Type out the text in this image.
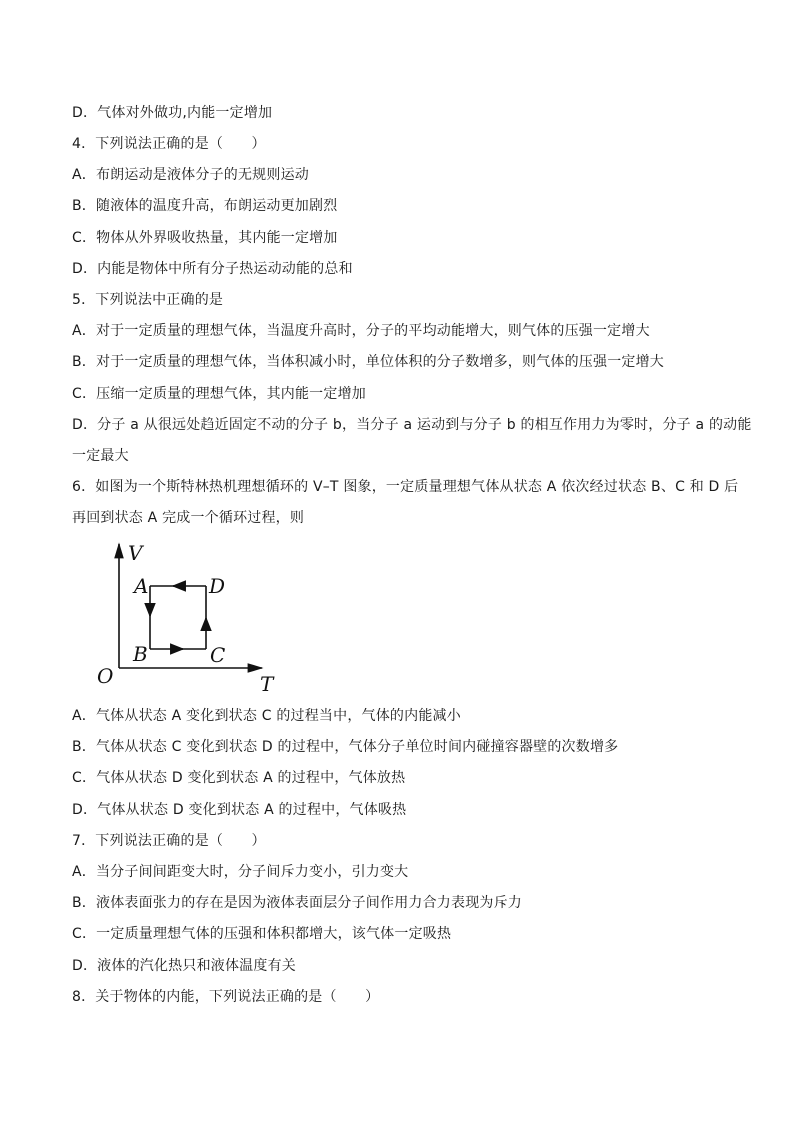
D．气体对外做功,内能一定增加
4．下列说法正确的是（　　）
A．布朗运动是液体分子的无规则运动
B．随液体的温度升高，布朗运动更加剧烈
C．物体从外界吸收热量，其内能一定增加
D．内能是物体中所有分子热运动动能的总和
5．下列说法中正确的是
A．对于一定质量的理想气体，当温度升高时，分子的平均动能增大，则气体的压强一定增大
B．对于一定质量的理想气体，当体积减小时，单位体积的分子数增多，则气体的压强一定增大
C．压缩一定质量的理想气体，其内能一定增加
D．分子 a 从很远处趋近固定不动的分子 b，当分子 a 运动到与分子 b 的相互作用力为零时，分子 a 的动能
一定最大
6．如图为一个斯特林热机理想循环的 V–T 图象，一定质量理想气体从状态 A 依次经过状态 B、C 和 D 后
再回到状态 A 完成一个循环过程，则
V
T
O
A
B	C
D
A．气体从状态 A 变化到状态 C 的过程当中，气体的内能减小
B．气体从状态 C 变化到状态 D 的过程中，气体分子单位时间内碰撞容器壁的次数增多
C．气体从状态 D 变化到状态 A 的过程中，气体放热
D．气体从状态 D 变化到状态 A 的过程中，气体吸热
7．下列说法正确的是（　　）
A．当分子间间距变大时，分子间斥力变小，引力变大
B．液体表面张力的存在是因为液体表面层分子间作用力合力表现为斥力
C．一定质量理想气体的压强和体积都增大，该气体一定吸热
D．液体的汽化热只和液体温度有关
8．关于物体的内能，下列说法正确的是（　　）
